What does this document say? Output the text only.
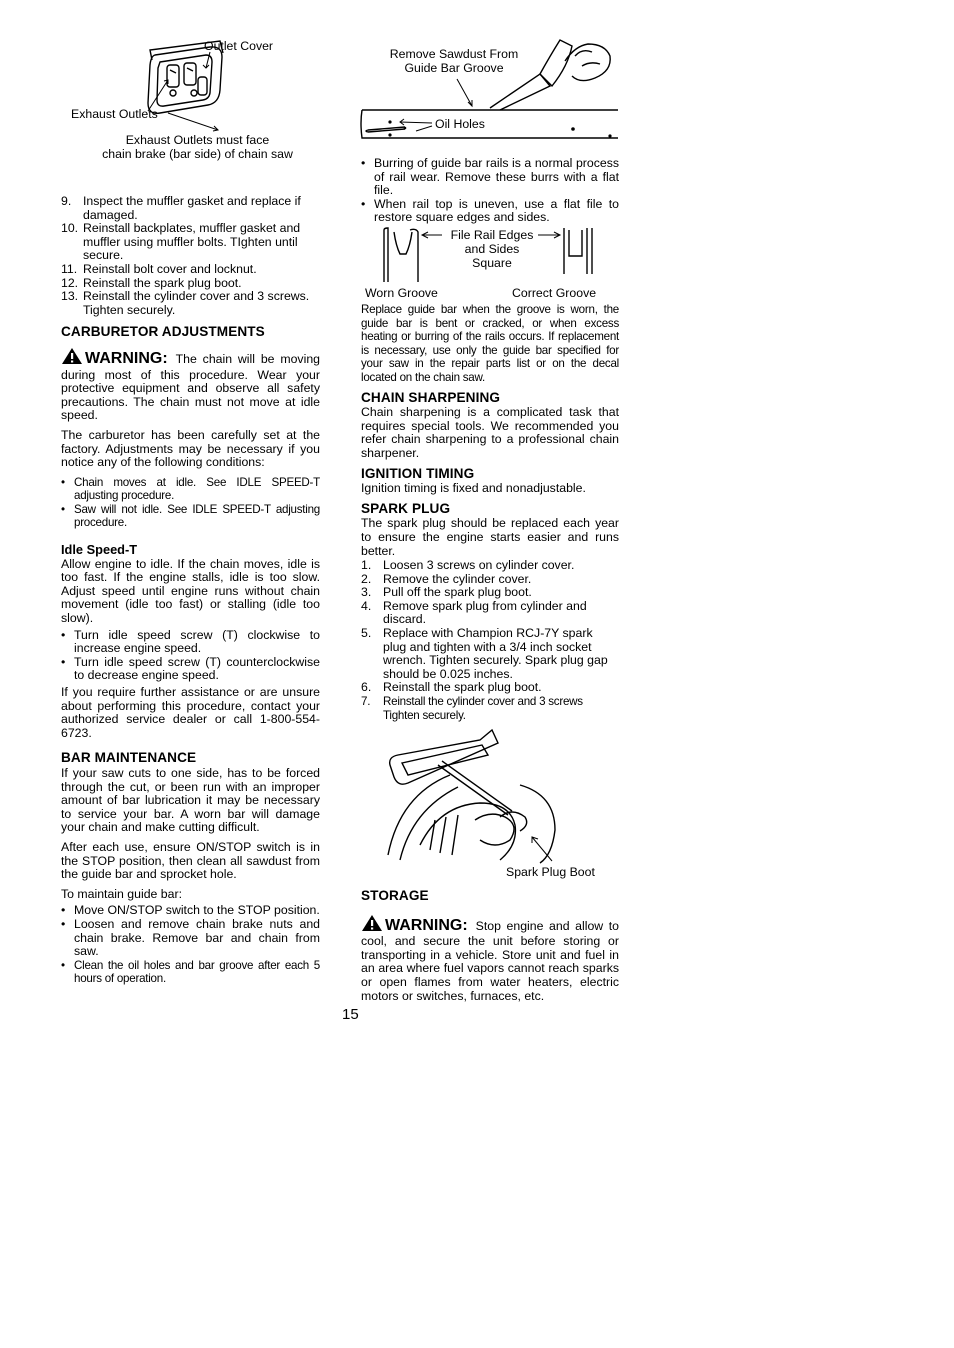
Outlet Cover
Exhaust Outlets
Exhaust Outlets must face
chain brake (bar side) of chain saw
9. Inspect the muffler gasket and replace if damaged.
10. Reinstall backplates, muffler gasket and muffler using muffler bolts. TIghten until secure.
11. Reinstall bolt cover and locknut.
12. Reinstall the spark plug boot.
13. Reinstall the cylinder cover and 3 screws. Tighten securely.
CARBURETOR ADJUSTMENTS
WARNING: The chain will be moving during most of this procedure. Wear your protective equipment and observe all safety precautions. The chain must not move at idle speed.

The carburetor has been carefully set at the factory. Adjustments may be necessary if you notice any of the following conditions:

• Chain moves at idle. See IDLE SPEED-T adjusting procedure.
• Saw will not idle. See IDLE SPEED-T adjusting procedure.
Idle Speed-T

Allow engine to idle. If the chain moves, idle is too fast. If the engine stalls, idle is too slow. Adjust speed until engine runs without chain movement (idle too fast) or stalling (idle too slow).

• Turn idle speed screw (T) clockwise to increase engine speed.
• Turn idle speed screw (T) counterclockwise to decrease engine speed.

If you require further assistance or are unsure about performing this procedure, contact your authorized service dealer or call 1-800-554-6723.

BAR MAINTENANCE

If your saw cuts to one side, has to be forced through the cut, or been run with an improper amount of bar lubrication it may be necessary to service your bar. A worn bar will damage your chain and make cutting difficult.

After each use, ensure ON/STOP switch is in the STOP position, then clean all sawdust from the guide bar and sprocket hole.

To maintain guide bar:

• Move ON/STOP switch to the STOP position.
• Loosen and remove chain brake nuts and chain brake. Remove bar and chain from saw.
• Clean the oil holes and bar groove after each 5 hours of operation.
Remove Sawdust From
Guide Bar Groove
Oil Holes
• Burring of guide bar rails is a normal process of rail wear. Remove these burrs with a flat file.
• When rail top is uneven, use a flat file to restore square edges and sides.
File Rail Edges
and Sides
Square
Worn Groove	Correct Groove

Replace guide bar when the groove is worn, the guide bar is bent or cracked, or when excess heating or burring of the rails occurs. If replacement is necessary, use only the guide bar specified for your saw in the repair parts list or on the decal located on the chain saw.

CHAIN SHARPENING

Chain sharpening is a complicated task that requires special tools. We recommended you refer chain sharpening to a professional chain sharpener.

IGNITION TIMING

Ignition timing is fixed and nonadjustable.

SPARK PLUG

The spark plug should be replaced each year to ensure the engine starts easier and runs better.

1. Loosen 3 screws on cylinder cover.
2. Remove the cylinder cover.
3. Pull off the spark plug boot.
4. Remove spark plug from cylinder and discard.
5. Replace with Champion RCJ-7Y spark plug and tighten with a 3/4 inch socket wrench. Tighten securely. Spark plug gap should be 0.025 inches.
6. Reinstall the spark plug boot.
7. Reinstall the cylinder cover and 3 screws Tighten securely.
Spark Plug Boot
STORAGE
WARNING: Stop engine and allow to cool, and secure the unit before storing or transporting in a vehicle. Store unit and fuel in an area where fuel vapors cannot reach sparks or open flames from water heaters, electric motors or switches, furnaces, etc.
15
